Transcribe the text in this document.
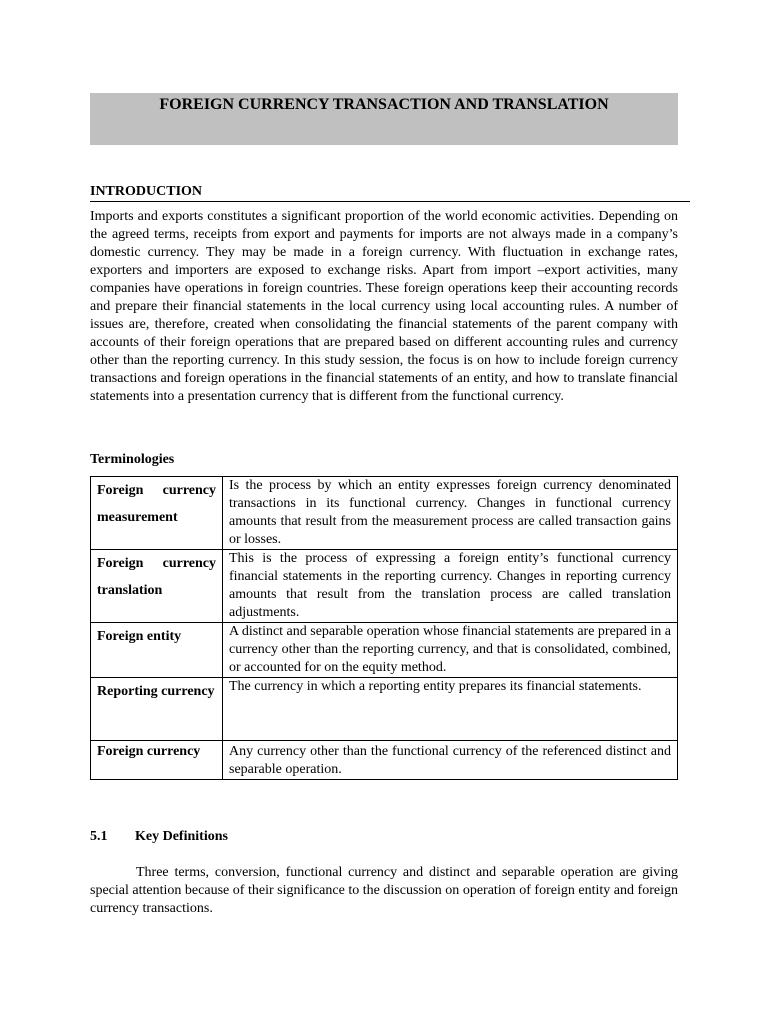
FOREIGN CURRENCY TRANSACTION AND TRANSLATION
INTRODUCTION

Imports and exports constitutes a significant proportion of the world economic activities. Depending on the agreed terms, receipts from export and payments for imports are not always made in a company’s domestic currency. They may be made in a foreign currency. With fluctuation in exchange rates, exporters and importers are exposed to exchange risks. Apart from import –export activities, many companies have operations in foreign countries. These foreign operations keep their accounting records and prepare their financial statements in the local currency using local accounting rules. A number of issues are, therefore, created when consolidating the financial statements of the parent company with accounts of their foreign operations that are prepared based on different accounting rules and currency other than the reporting currency. In this study session, the focus is on how to include foreign currency transactions and foreign operations in the financial statements of an entity, and how to translate financial statements into a presentation currency that is different from the functional currency.

Terminologies
Foreign currency measurement	Is the process by which an entity expresses foreign currency denominated transactions in its functional currency. Changes in functional currency amounts that result from the measurement process are called transaction gains or losses.
Foreign currency translation	This is the process of expressing a foreign entity’s functional currency financial statements in the reporting currency. Changes in reporting currency amounts that result from the translation process are called translation adjustments.
Foreign entity	A distinct and separable operation whose financial statements are prepared in a currency other than the reporting currency, and that is consolidated, combined, or accounted for on the equity method.
Reporting currency	The currency in which a reporting entity prepares its financial statements.
Foreign currency	Any currency other than the functional currency of the referenced distinct and separable operation.
5.1 Key Definitions

Three terms, conversion, functional currency and distinct and separable operation are giving special attention because of their significance to the discussion on operation of foreign entity and foreign currency transactions.
